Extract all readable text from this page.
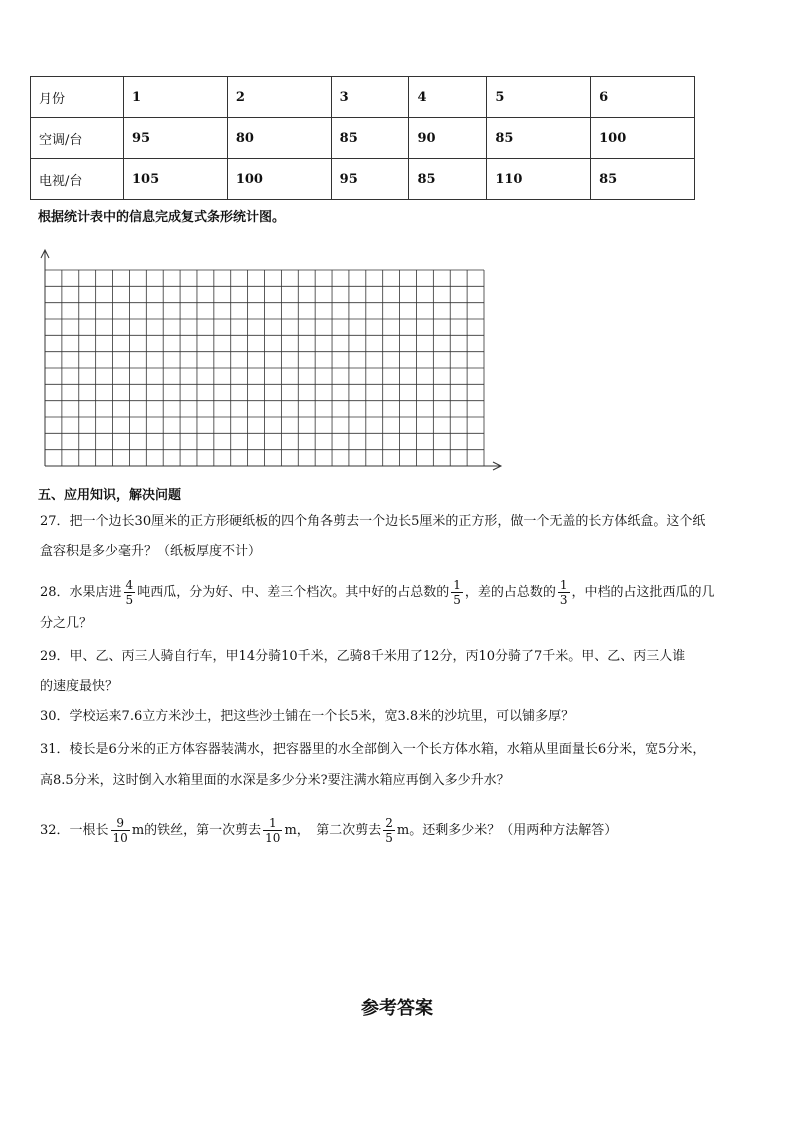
月份	1	2	3	4	5	6
空调/台	95	80	85	90	85	100
电视/台	105	100	95	85	110	85
根据统计表中的信息完成复式条形统计图。
五、应用知识，解决问题
27．把一个边长30厘米的正方形硬纸板的四个角各剪去一个边长5厘米的正方形，做一个无盖的长方体纸盒。这个纸
盒容积是多少毫升？（纸板厚度不计）
28．水果店进 $\frac{4}{5}$ 吨西瓜，分为好、中、差三个档次。其中好的占总数的 $\frac{1}{5}$ ，差的占总数的 $\frac{1}{3}$ ，中档的占这批西瓜的几
分之几？
29．甲、乙、丙三人骑自行车，甲14分骑10千米，乙骑8千米用了12分，丙10分骑了7千米。甲、乙、丙三人谁
的速度最快？
30．学校运来7.6立方米沙土，把这些沙土铺在一个长5米，宽3.8米的沙坑里，可以铺多厚？
31．棱长是6分米的正方体容器装满水，把容器里的水全部倒入一个长方体水箱，水箱从里面量长6分米，宽5分米，
高8.5分米，这时倒入水箱里面的水深是多少分米?要注满水箱应再倒入多少升水？
32．一根长 $\frac{9}{10}$ m的铁丝，第一次剪去 $\frac{1}{10}$ m，　第二次剪去 $\frac{2}{5}$ m。还剩多少米？（用两种方法解答）
参考答案
